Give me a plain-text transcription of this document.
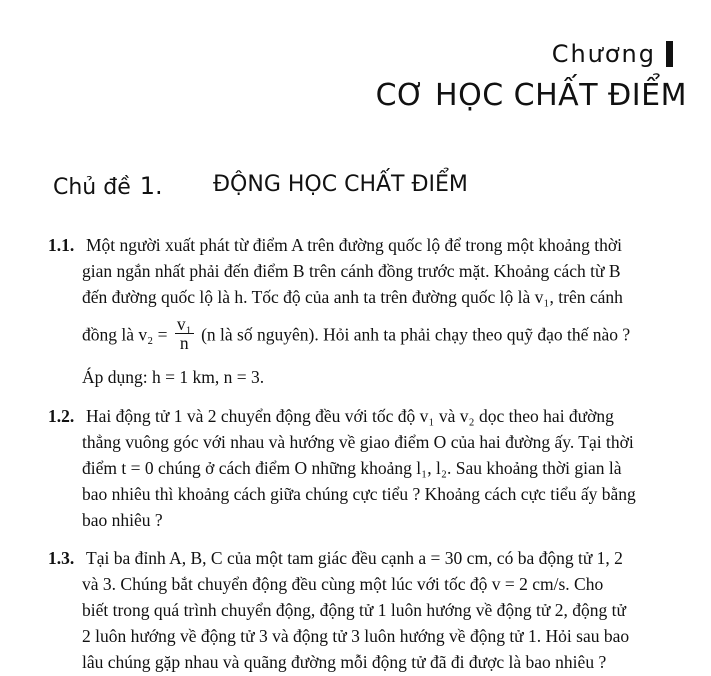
Chương
CƠ HỌC CHẤT ĐIỂM
Chủ đề 1. ĐỘNG HỌC CHẤT ĐIỂM
1.1. Một người xuất phát từ điểm A trên đường quốc lộ để trong một khoảng thời
gian ngắn nhất phải đến điểm B trên cánh đồng trước mặt. Khoảng cách từ B
đến đường quốc lộ là h. Tốc độ của anh ta trên đường quốc lộ là v₁, trên cánh
đồng là $v_2 = \frac{\text{v₁}}{n} (n$ là số nguyên). Hỏi anh ta phải chạy theo quỹ đạo thế nào ?
Áp dụng: h = 1 km, n = 3.
1.2. Hai động tử 1 và 2 chuyển động đều với tốc độ v₁ và v₂ dọc theo hai đường
thẳng vuông góc với nhau và hướng về giao điểm O của hai đường ấy. Tại thời
điểm t = 0 chúng ở cách điểm O những khoảng l₁, l₂. Sau khoảng thời gian là
bao nhiêu thì khoảng cách giữa chúng cực tiểu ? Khoảng cách cực tiểu ấy bằng
bao nhiêu ?
1.3. Tại ba đỉnh A, B, C của một tam giác đều cạnh a = 30 cm, có ba động tử 1, 2
và 3. Chúng bắt chuyển động đều cùng một lúc với tốc độ v = 2 cm/s. Cho
biết trong quá trình chuyển động, động tử 1 luôn hướng về động tử 2, động tử
2 luôn hướng về động tử 3 và động tử 3 luôn hướng về động tử 1. Hỏi sau bao
lâu chúng gặp nhau và quãng đường mỗi động tử đã đi được là bao nhiêu ?
